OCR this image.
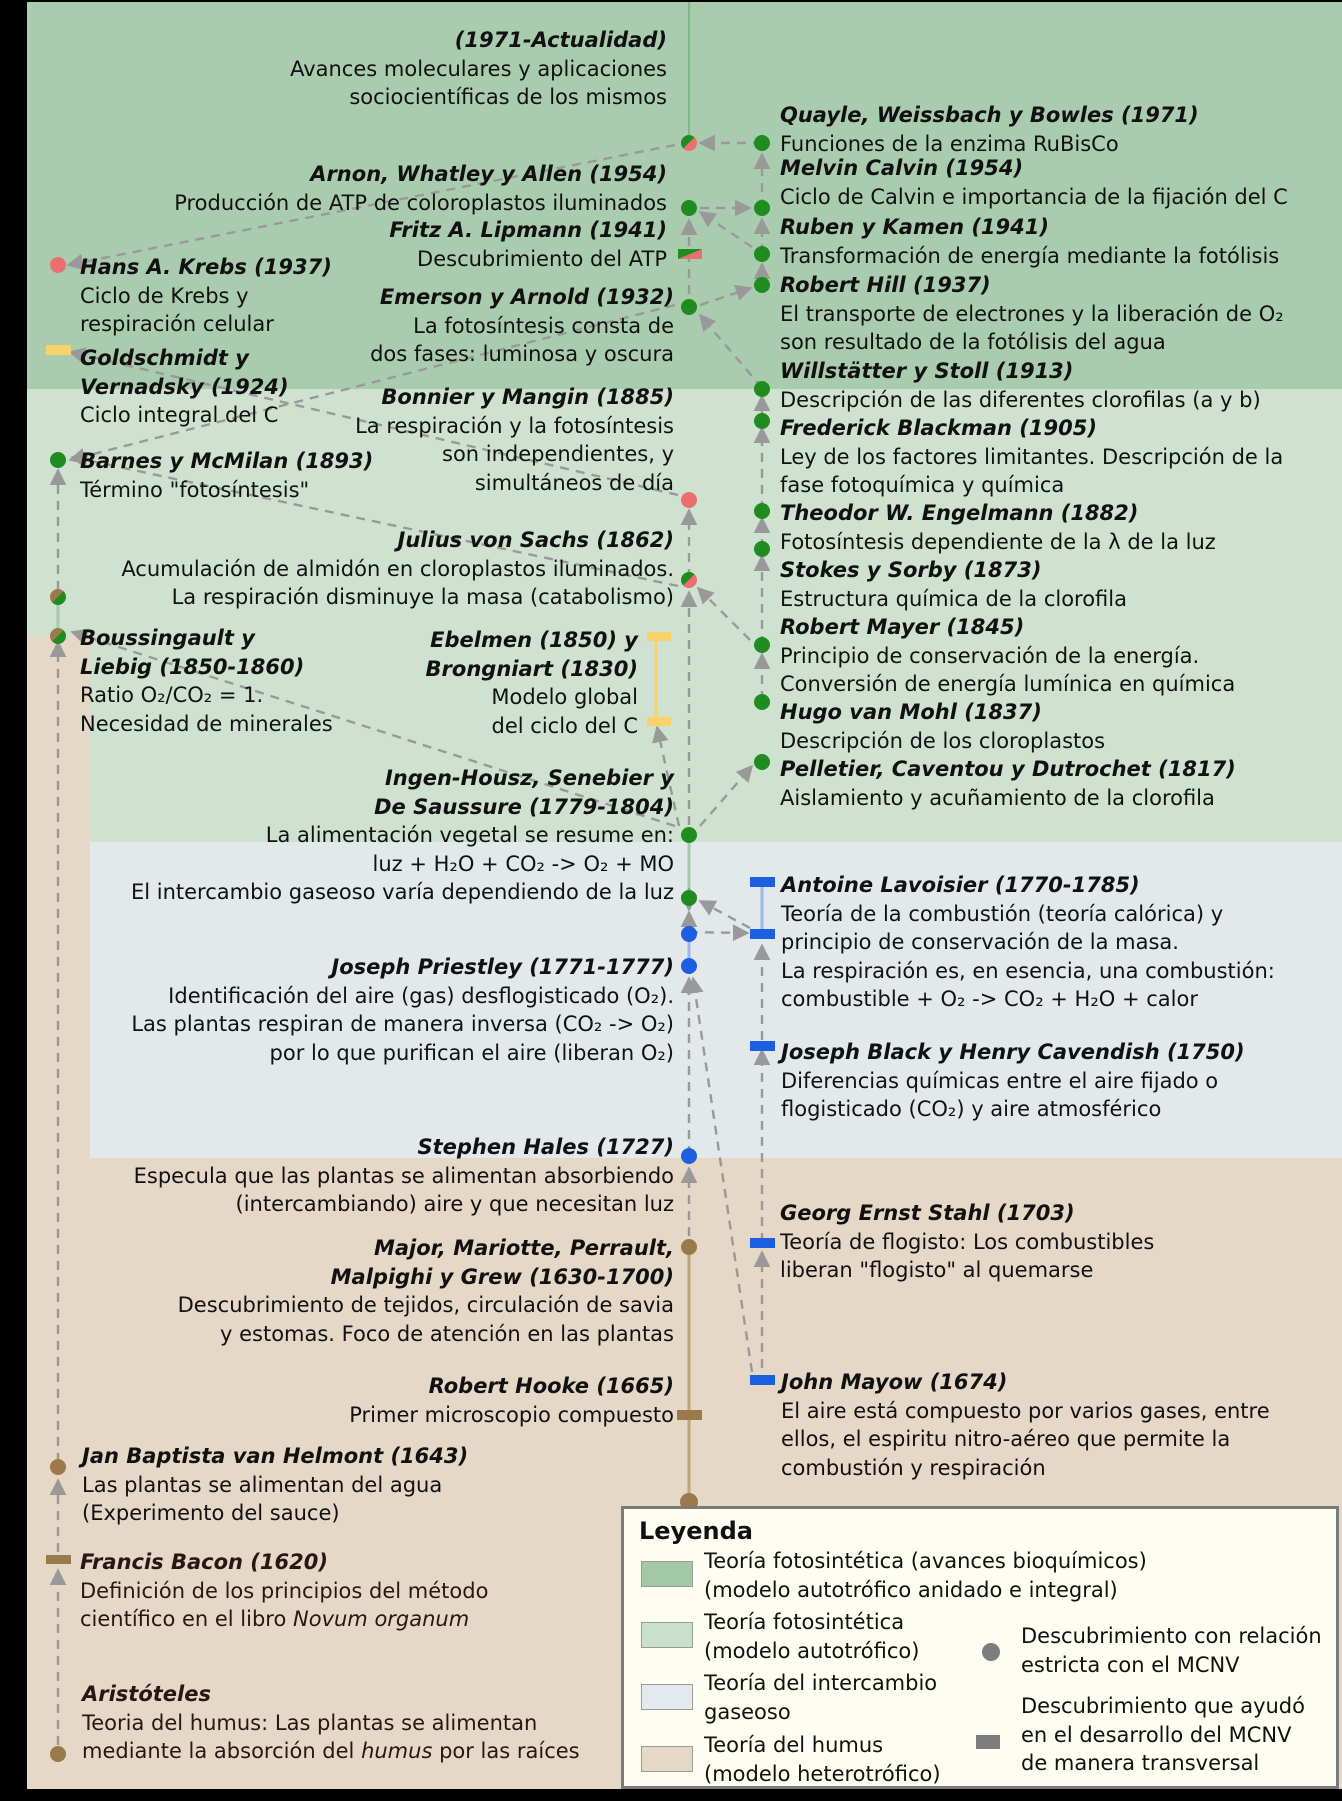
(1971-Actualidad)
Avances moleculares y aplicaciones
sociocientíficas de los mismos
Arnon, Whatley y Allen (1954)
Producción de ATP de coloroplastos iluminados
Fritz A. Lipmann (1941)
Descubrimiento del ATP
Emerson y Arnold (1932)
La fotosíntesis consta de
dos fases: luminosa y oscura
Bonnier y Mangin (1885)
La respiración y la fotosíntesis
son independientes, y
simultáneos de día
Julius von Sachs (1862)
Acumulación de almidón en cloroplastos iluminados.
La respiración disminuye la masa (catabolismo)
Ebelmen (1850) y
Brongniart (1830)
Modelo global
del ciclo del C
Ingen-Housz, Senebier y
De Saussure (1779-1804)
La alimentación vegetal se resume en:
luz + H₂O + CO₂ -> O₂ + MO
El intercambio gaseoso varía dependiendo de la luz
Joseph Priestley (1771-1777)
Identificación del aire (gas) desflogisticado (O₂).
Las plantas respiran de manera inversa (CO₂ -> O₂)
por lo que purifican el aire (liberan O₂)
Stephen Hales (1727)
Especula que las plantas se alimentan absorbiendo
(intercambiando) aire y que necesitan luz
Major, Mariotte, Perrault,
Malpighi y Grew (1630-1700)
Descubrimiento de tejidos, circulación de savia
y estomas. Foco de atención en las plantas
Robert Hooke (1665)
Primer microscopio compuesto
Quayle, Weissbach y Bowles (1971)
Funciones de la enzima RuBisCo
Melvin Calvin (1954)
Ciclo de Calvin e importancia de la fijación del C
Ruben y Kamen (1941)
Transformación de energía mediante la fotólisis
Robert Hill (1937)
El transporte de electrones y la liberación de O₂
son resultado de la fotólisis del agua
Willstätter y Stoll (1913)
Descripción de las diferentes clorofilas (a y b)
Frederick Blackman (1905)
Ley de los factores limitantes. Descripción de la
fase fotoquímica y química
Theodor W. Engelmann (1882)
Fotosíntesis dependiente de la λ de la luz
Stokes y Sorby (1873)
Estructura química de la clorofila
Robert Mayer (1845)
Principio de conservación de la energía.
Conversión de energía lumínica en química
Hugo van Mohl (1837)
Descripción de los cloroplastos
Pelletier, Caventou y Dutrochet (1817)
Aislamiento y acuñamiento de la clorofila
Antoine Lavoisier (1770-1785)
Teoría de la combustión (teoría calórica) y
principio de conservación de la masa.
La respiración es, en esencia, una combustión:
combustible + O₂ -> CO₂ + H₂O + calor
Joseph Black y Henry Cavendish (1750)
Diferencias químicas entre el aire fijado o
flogisticado (CO₂) y aire atmosférico
Georg Ernst Stahl (1703)
Teoría de flogisto: Los combustibles
liberan "flogisto" al quemarse
John Mayow (1674)
El aire está compuesto por varios gases, entre
ellos, el espiritu nitro-aéreo que permite la
combustión y respiración
Hans A. Krebs (1937)
Ciclo de Krebs y
respiración celular
Goldschmidt y
Vernadsky (1924)
Ciclo integral del C
Barnes y McMilan (1893)
Término "fotosíntesis"
Boussingault y
Liebig (1850-1860)
Ratio O₂/CO₂ = 1.
Necesidad de minerales
Jan Baptista van Helmont (1643)
Las plantas se alimentan del agua
(Experimento del sauce)
Francis Bacon (1620)
Definición de los principios del método
científico en el libro Novum organum
Aristóteles
Teoria del humus: Las plantas se alimentan
mediante la absorción del humus por las raíces
Leyenda
Teoría fotosintética (avances bioquímicos)
(modelo autotrófico anidado e integral)
Teoría fotosintética
(modelo autotrófico)
Teoría del intercambio
gaseoso
Teoría del humus
(modelo heterotrófico)
Descubrimiento con relación
estricta con el MCNV
Descubrimiento que ayudó
en el desarrollo del MCNV
de manera transversal
